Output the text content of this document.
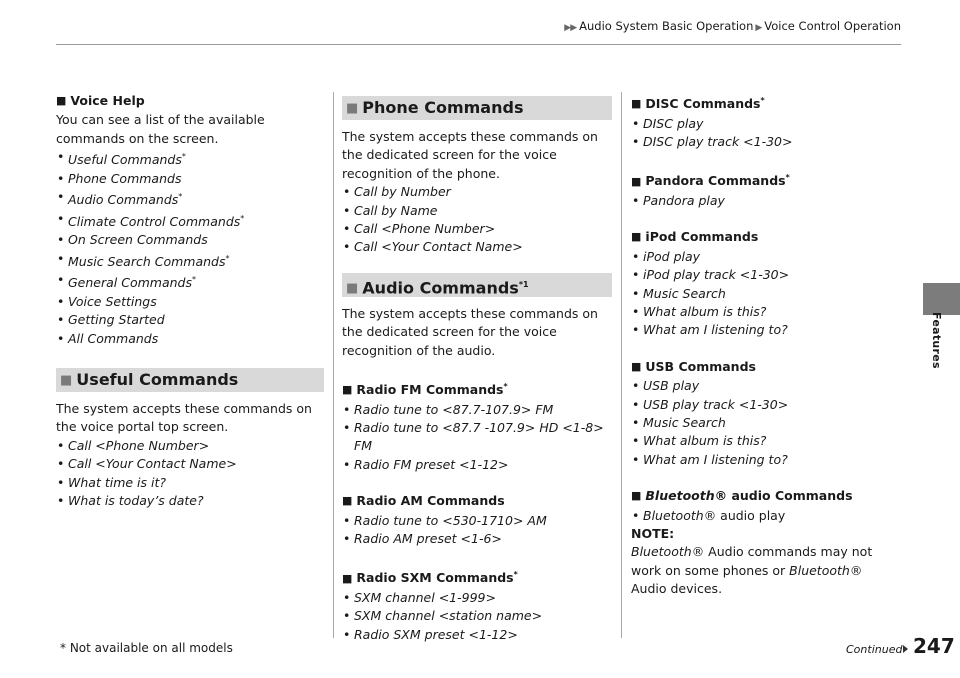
▶▶ Audio System Basic Operation ▶ Voice Control Operation
Features
■ Voice Help
You can see a list of the available commands on the screen.
• Useful Commands*
• Phone Commands
• Audio Commands*
• Climate Control Commands*
• On Screen Commands
• Music Search Commands*
• General Commands*
• Voice Settings
• Getting Started
• All Commands
■ Useful Commands
The system accepts these commands on the voice portal top screen.
• Call <Phone Number>
• Call <Your Contact Name>
• What time is it?
• What is today’s date?
■ Phone Commands
The system accepts these commands on the dedicated screen for the voice recognition of the phone.
• Call by Number
• Call by Name
• Call <Phone Number>
• Call <Your Contact Name>
■ Audio Commands$^{*1}$
The system accepts these commands on the dedicated screen for the voice recognition of the audio.
■ Radio FM Commands*
• Radio tune to <87.7-107.9> FM
• Radio tune to <87.7 -107.9> HD <1-8>
FM
• Radio FM preset <1-12>
■ Radio AM Commands
• Radio tune to <530-1710> AM
• Radio AM preset <1-6>
■ Radio SXM Commands*
• SXM channel <1-999>
• SXM channel <station name>
• Radio SXM preset <1-12>
■ DISC Commands*
• DISC play
• DISC play track <1-30>
■ Pandora Commands*
• Pandora play
■ iPod Commands
• iPod play
• iPod play track <1-30>
• Music Search
• What album is this?
• What am I listening to?
■ USB Commands
• USB play
• USB play track <1-30>
• Music Search
• What album is this?
• What am I listening to?
■ Bluetooth® audio Commands
• Bluetooth® audio play
NOTE:
Bluetooth® Audio commands may not work on some phones or Bluetooth® Audio devices.
* Not available on all models	Continued 247
